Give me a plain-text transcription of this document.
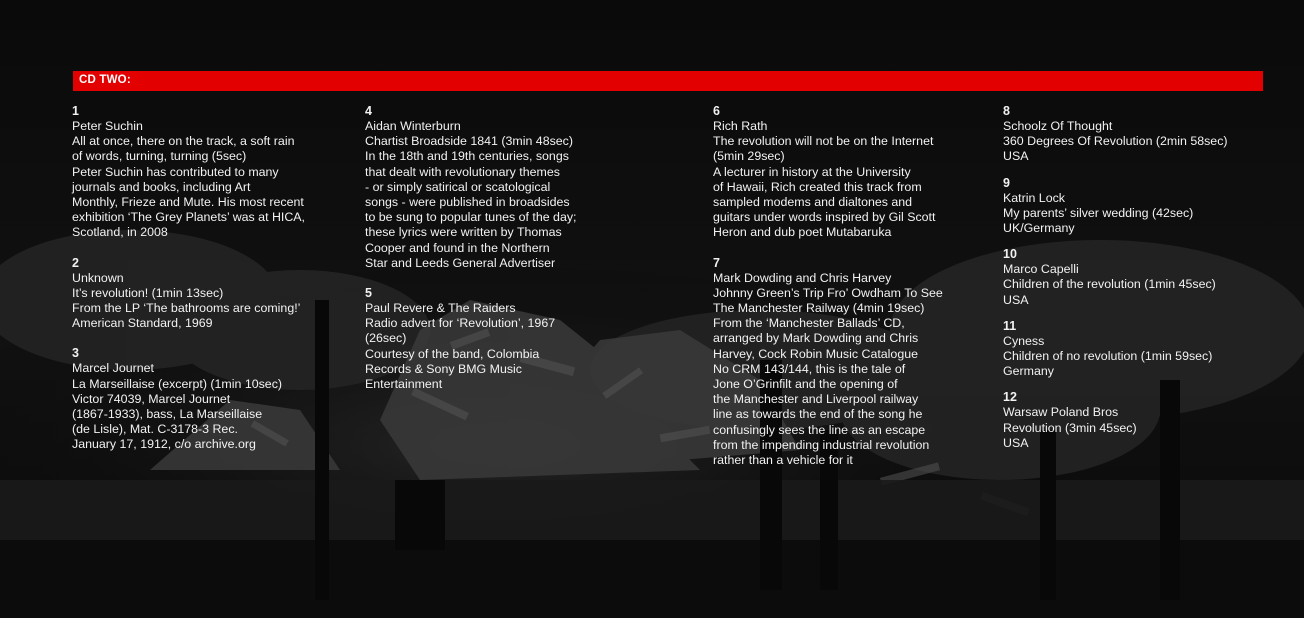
CD TWO:
1
Peter Suchin
All at once, there on the track, a soft rain
of words, turning, turning (5sec)
Peter Suchin has contributed to many
journals and books, including Art
Monthly, Frieze and Mute. His most recent
exhibition ‘The Grey Planets’ was at HICA,
Scotland, in 2008
2
Unknown
It’s revolution! (1min 13sec)
From the LP ‘The bathrooms are coming!’
American Standard, 1969
3
Marcel Journet
La Marseillaise (excerpt) (1min 10sec)
Victor 74039, Marcel Journet
(1867-1933), bass, La Marseillaise
(de Lisle), Mat. C-3178-3 Rec.
January 17, 1912, c/o archive.org
4
Aidan Winterburn
Chartist Broadside 1841 (3min 48sec)
In the 18th and 19th centuries, songs
that dealt with revolutionary themes
- or simply satirical or scatological
songs - were published in broadsides
to be sung to popular tunes of the day;
these lyrics were written by Thomas
Cooper and found in the Northern
Star and Leeds General Advertiser
5
Paul Revere & The Raiders
Radio advert for ‘Revolution’, 1967
(26sec)
Courtesy of the band, Colombia
Records & Sony BMG Music
Entertainment
6
Rich Rath
The revolution will not be on the Internet
(5min 29sec)
A lecturer in history at the University
of Hawaii, Rich created this track from
sampled modems and dialtones and
guitars under words inspired by Gil Scott
Heron and dub poet Mutabaruka
7
Mark Dowding and Chris Harvey
Johnny Green’s Trip Fro’ Owdham To See
The Manchester Railway (4min 19sec)
From the ‘Manchester Ballads’ CD,
arranged by Mark Dowding and Chris
Harvey, Cock Robin Music Catalogue
No CRM 143/144, this is the tale of
Jone O’Grinfilt and the opening of
the Manchester and Liverpool railway
line as towards the end of the song he
confusingly sees the line as an escape
from the impending industrial revolution
rather than a vehicle for it
8
Schoolz Of Thought
360 Degrees Of Revolution (2min 58sec)
USA
9
Katrin Lock
My parents’ silver wedding (42sec)
UK/Germany
10
Marco Capelli
Children of the revolution (1min 45sec)
USA
11
Cyness
Children of no revolution (1min 59sec)
Germany
12
Warsaw Poland Bros
Revolution (3min 45sec)
USA
